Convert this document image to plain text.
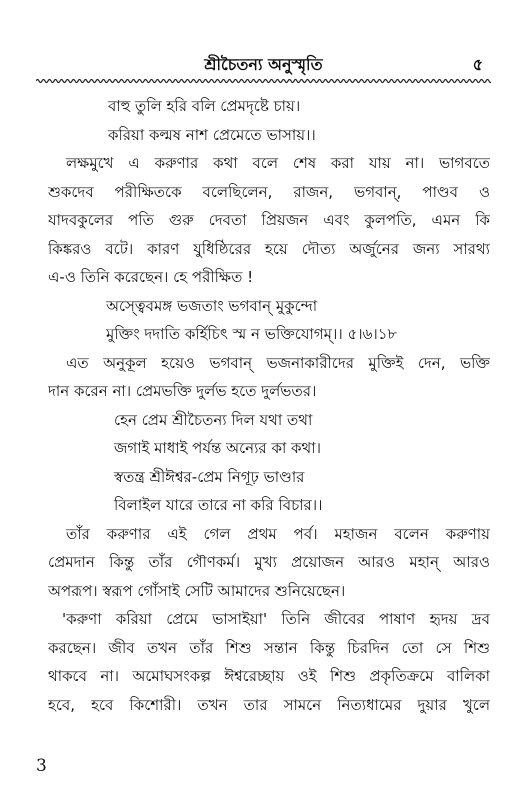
শ্রীচৈতন্য অনুস্মৃতি	৫
বাহু তুলি হরি বলি প্রেমদৃষ্টে চায়।
করিয়া কল্মষ নাশ প্রেমেতে ভাসায়।।
লক্ষমুখে এ করুণার কথা বলে শেষ করা যায় না। ভাগবতে
শুকদেব পরীক্ষিতকে বলেছিলেন, রাজন, ভগবান্, পাণ্ডব ও
যাদবকুলের পতি গুরু দেবতা প্রিয়জন এবং কুলপতি, এমন কি
কিঙ্করও বটে। কারণ যুধিষ্ঠিরের হয়ে দৌত্য অর্জুনের জন্য সারথ্য
এ-ও তিনি করেছেন। হে পরীক্ষিত !
অস্ত্বেবমঙ্গ ভজতাং ভগবান্ মুকুন্দো
মুক্তিং দদাতি কর্হিচিৎ স্ম ন ভক্তিযোগম্।। ৫।৬।১৮
এত অনুকূল হয়েও ভগবান্ ভজনাকারীদের মুক্তিই দেন, ভক্তি
দান করেন না। প্রেমভক্তি দুর্লভ হতে দুর্লভতর।
হেন প্রেম শ্রীচৈতন্য দিল যথা তথা
জগাই মাধাই পর্যন্ত অন্যের কা কথা।
স্বতন্ত্র শ্রীঈশ্বর-প্রেম নিগূঢ় ভাণ্ডার
বিলাইল যারে তারে না করি বিচার।।
তাঁর করুণার এই গেল প্রথম পর্ব। মহাজন বলেন করুণায়
প্রেমদান কিন্তু তাঁর গৌণকর্ম। মুখ্য প্রয়োজন আরও মহান্ আরও
অপরূপ। স্বরূপ গোঁসাই সেটি আমাদের শুনিয়েছেন।
'করুণা করিয়া প্রেমে ভাসাইয়া' তিনি জীবের পাষাণ হৃদয় দ্রব
করছেন। জীব তখন তাঁর শিশু সন্তান কিন্তু চিরদিন তো সে শিশু
থাকবে না। অমোঘসংকল্প ঈশ্বরেচ্ছায় ওই শিশু প্রকৃতিক্রমে বালিকা
হবে, হবে কিশোরী। তখন তার সামনে নিত্যধামের দুয়ার খুলে
3
